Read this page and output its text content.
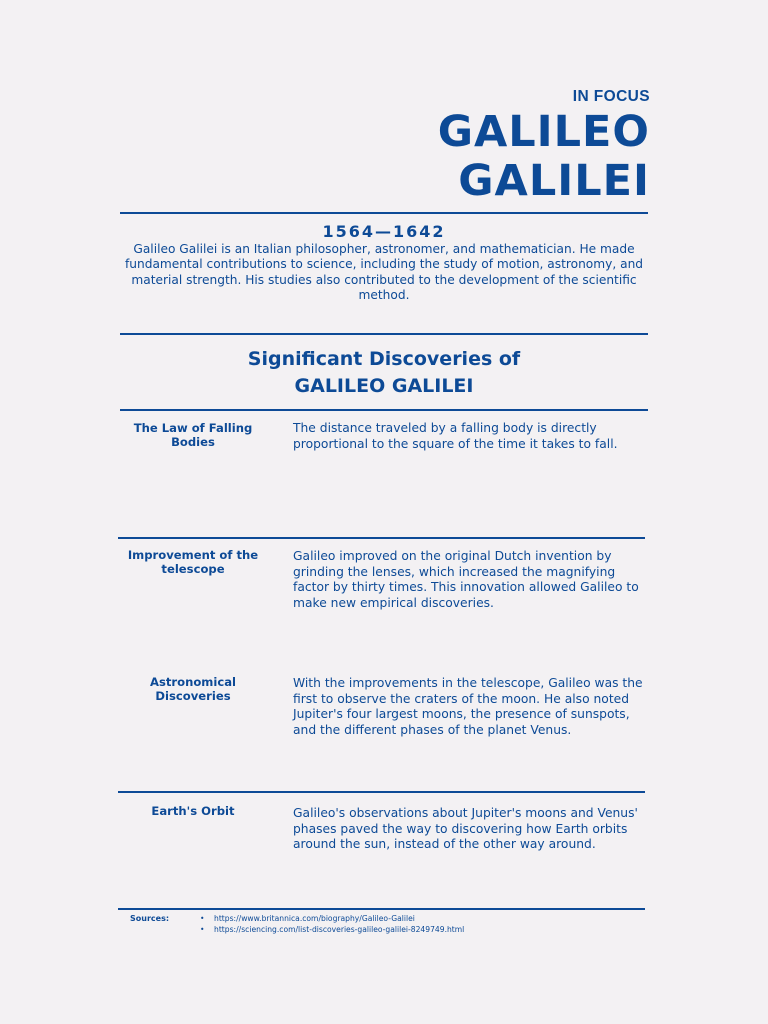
IN FOCUS
GALILEO
GALILEI
1564—1642
Galileo Galilei is an Italian philosopher, astronomer, and mathematician. He made fundamental contributions to science, including the study of motion, astronomy, and material strength. His studies also contributed to the development of the scientific method.
Significant Discoveries of
GALILEO GALILEI
The Law of Falling Bodies
The distance traveled by a falling body is directly proportional to the square of the time it takes to fall.
Improvement of the telescope
Galileo improved on the original Dutch invention by grinding the lenses, which increased the magnifying factor by thirty times. This innovation allowed Galileo to make new empirical discoveries.
Astronomical Discoveries
With the improvements in the telescope, Galileo was the first to observe the craters of the moon. He also noted Jupiter's four largest moons, the presence of sunspots, and the different phases of the planet Venus.
Earth's Orbit	Galileo's observations about Jupiter's moons and Venus' phases paved the way to discovering how Earth orbits around the sun, instead of the other way around.
Sources:
•	https://www.britannica.com/biography/Galileo-Galilei
• https://sciencing.com/list-discoveries-galileo-galilei-8249749.html
